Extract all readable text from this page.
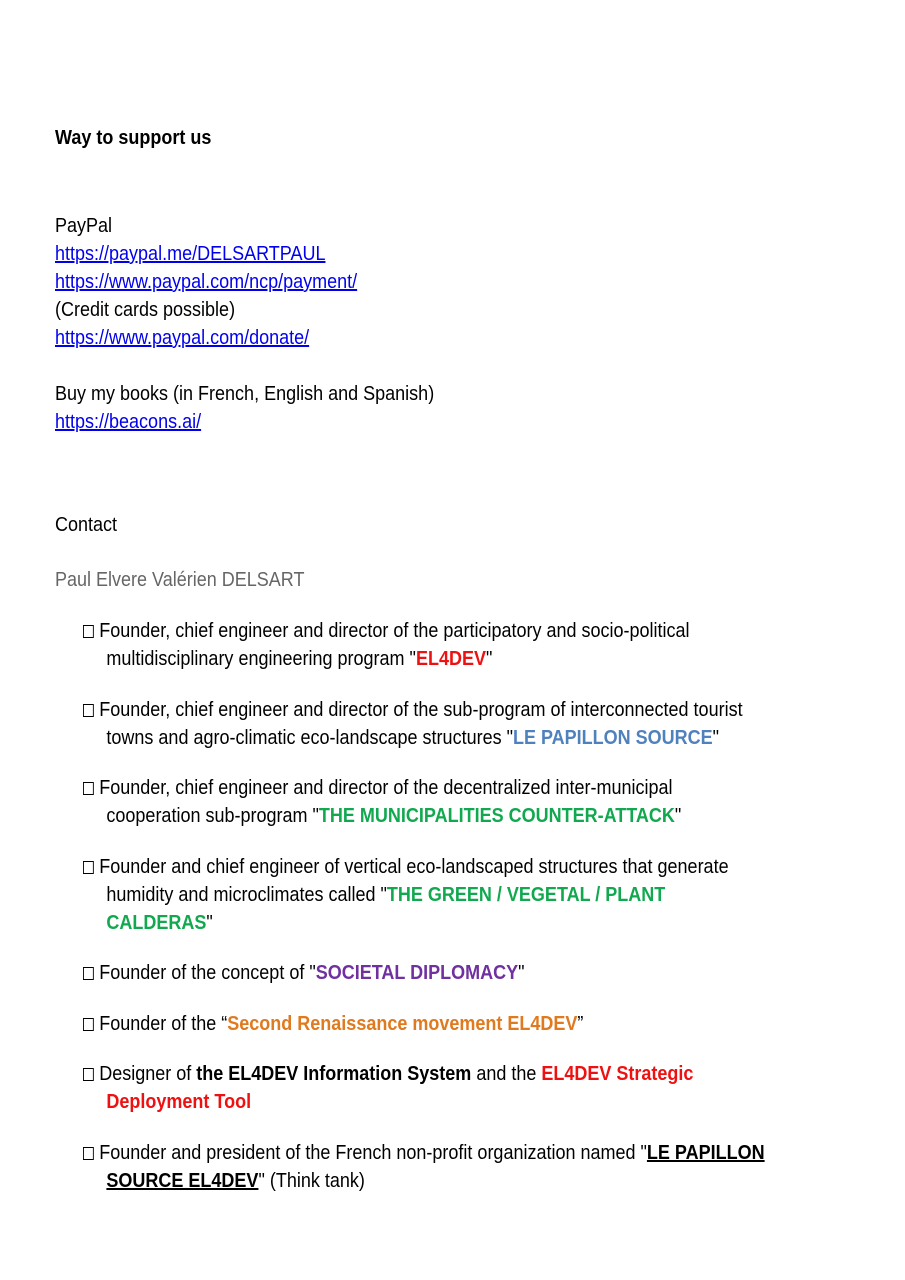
Way to support us
PayPal
https://paypal.me/DELSARTPAUL
https://www.paypal.com/ncp/payment/
(Credit cards possible)
https://www.paypal.com/donate/
Buy my books (in French, English and Spanish)
https://beacons.ai/
Contact
Paul Elvere Valérien DELSART
Founder, chief engineer and director of the participatory and socio-political
multidisciplinary engineering program "EL4DEV"
Founder, chief engineer and director of the sub-program of interconnected tourist
towns and agro-climatic eco-landscape structures "LE PAPILLON SOURCE"
Founder, chief engineer and director of the decentralized inter-municipal
cooperation sub-program "THE MUNICIPALITIES COUNTER-ATTACK"
Founder and chief engineer of vertical eco-landscaped structures that generate
humidity and microclimates called "THE GREEN / VEGETAL / PLANT
CALDERAS"
Founder of the concept of "SOCIETAL DIPLOMACY"
Founder of the “Second Renaissance movement EL4DEV”
Designer of the EL4DEV Information System and the EL4DEV Strategic
Deployment Tool
Founder and president of the French non-profit organization named "LE PAPILLON
SOURCE EL4DEV" (Think tank)
